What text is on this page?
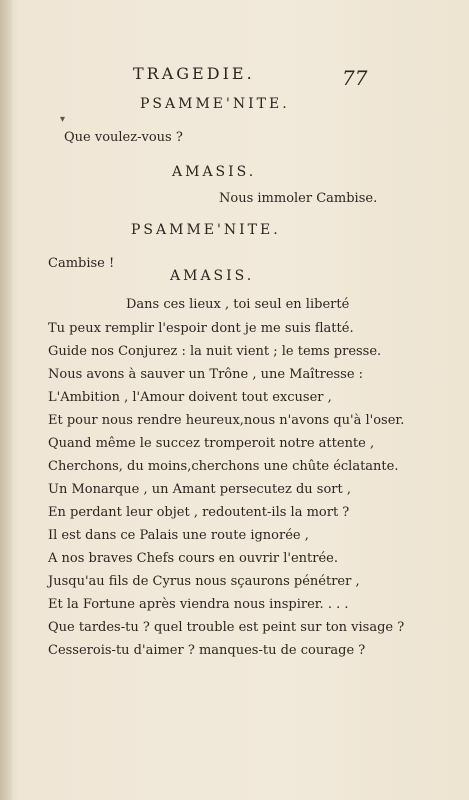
TRAGEDIE.	77
PSAMME'NITE.
▾
Que voulez-vous ?
AMASIS.
Nous immoler Cambise.
PSAMME'NITE.
Cambise !
AMASIS.
Dans ces lieux , toi seul en liberté
Tu peux remplir l'espoir dont je me suis flatté.
Guide nos Conjurez : la nuit vient ; le tems presse.
Nous avons à sauver un Trône , une Maîtresse :
L'Ambition , l'Amour doivent tout excuser ,
Et pour nous rendre heureux,nous n'avons qu'à l'oser.
Quand même le succez tromperoit notre attente ,
Cherchons, du moins,cherchons une chûte éclatante.
Un Monarque , un Amant persecutez du sort ,
En perdant leur objet , redoutent-ils la mort ?
Il est dans ce Palais une route ignorée ,
A nos braves Chefs cours en ouvrir l'entrée.
Jusqu'au fils de Cyrus nous sçaurons pénétrer ,
Et la Fortune après viendra nous inspirer. . . .
Que tardes-tu ? quel trouble est peint sur ton visage ?
Cesserois-tu d'aimer ? manques-tu de courage ?
